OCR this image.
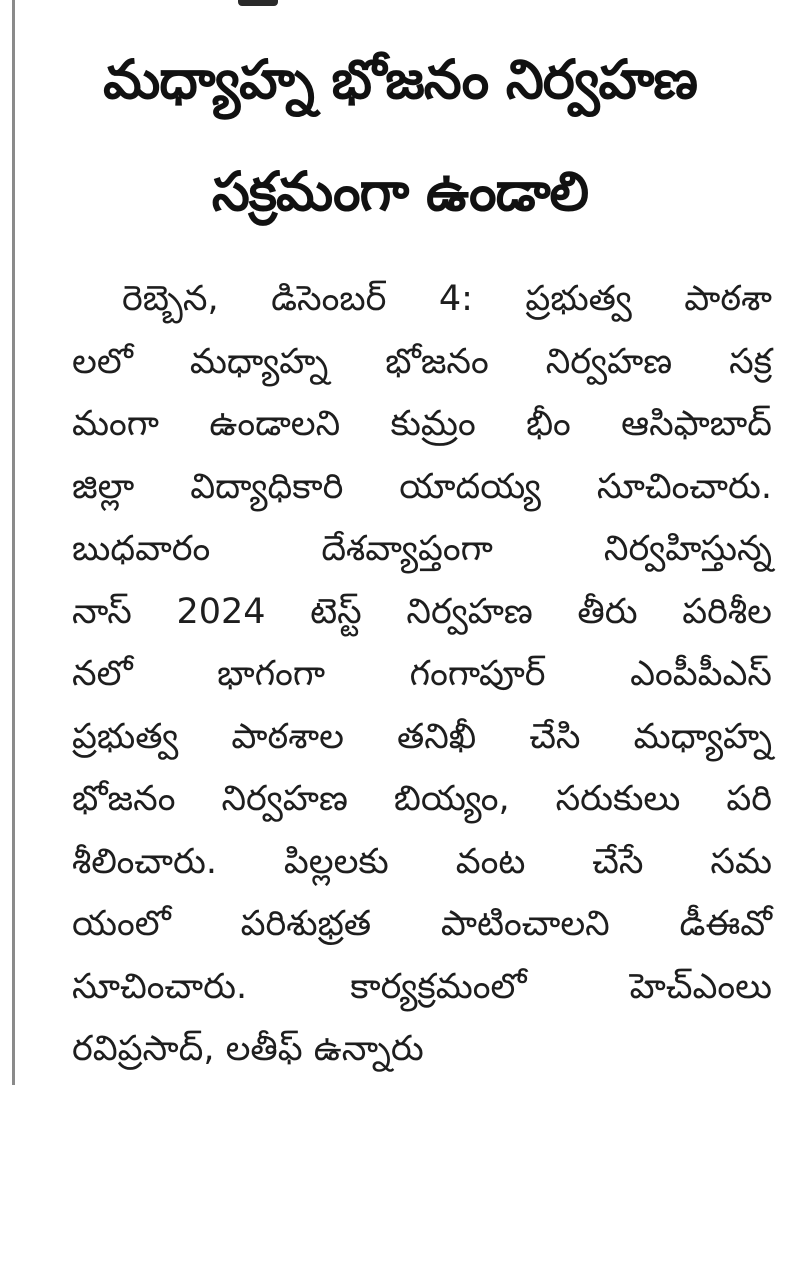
మధ్యాహ్న భోజనం నిర్వహణ
సక్రమంగా ఉండాలి
రెబ్బెన, డిసెంబర్ 4: ప్రభుత్వ పాఠశా
లలో మధ్యాహ్న భోజనం నిర్వహణ సక్ర
మంగా ఉండాలని కుమ్రం భీం ఆసిఫాబాద్
జిల్లా విద్యాధికారి యాదయ్య సూచించారు.
బుధవారం దేశవ్యాప్తంగా నిర్వహిస్తున్న
నాస్ 2024 టెస్ట్ నిర్వహణ తీరు పరిశీల
నలో భాగంగా గంగాపూర్ ఎంపీపీఎస్
ప్రభుత్వ పాఠశాల తనిఖీ చేసి మధ్యాహ్న
భోజనం నిర్వహణ బియ్యం, సరుకులు పరి
శీలించారు. పిల్లలకు వంట చేసే సమ
యంలో పరిశుభ్రత పాటించాలని డీఈవో
సూచించారు. కార్యక్రమంలో హెచ్‌ఎంలు
రవిప్రసాద్, లతీఫ్ ఉన్నారు
